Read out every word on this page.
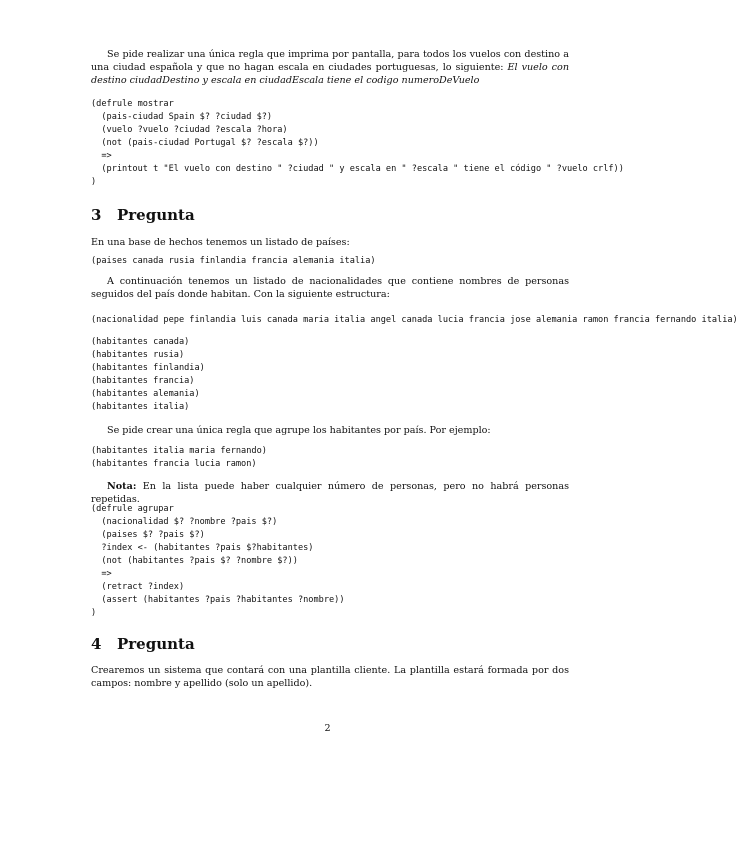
Se pide realizar una única regla que imprima por pantalla, para todos los vuelos con destino a una ciudad española y que no hagan escala en ciudades portuguesas, lo siguiente: El vuelo con destino ciudadDestino y escala en ciudadEscala tiene el codigo numeroDeVuelo

(defrule mostrar
(pais-ciudad Spain $? ?ciudad $?)
(vuelo ?vuelo ?ciudad ?escala ?hora)
(not (pais-ciudad Portugal $? ?escala $?))
=>
(printout t "El vuelo con destino " ?ciudad " y escala en " ?escala " tiene el código " ?vuelo crlf))
)
3 Pregunta

En una base de hechos tenemos un listado de países:

(paises canada rusia finlandia francia alemania italia)

A continuación tenemos un listado de nacionalidades que contiene nombres de personas seguidos del país donde habitan. Con la siguiente estructura:

(nacionalidad pepe finlandia luis canada maria italia angel canada lucia francia jose alemania ramon francia fernando italia)
(habitantes canada)
(habitantes rusia)
(habitantes finlandia)
(habitantes francia)
(habitantes alemania)
(habitantes italia)

Se pide crear una única regla que agrupe los habitantes por país. Por ejemplo:

(habitantes italia maria fernando)
(habitantes francia lucia ramon)

Nota: En la lista puede haber cualquier número de personas, pero no habrá personas repetidas.

(defrule agrupar
(nacionalidad $? ?nombre ?pais $?)
(paises $? ?pais $?)
?index <- (habitantes ?pais $?habitantes)
(not (habitantes ?pais $? ?nombre $?))
=>
(retract ?index)
(assert (habitantes ?pais ?habitantes ?nombre))
)
4 Pregunta

Crearemos un sistema que contará con una plantilla cliente. La plantilla estará formada por dos campos: nombre y apellido (solo un apellido).

2
